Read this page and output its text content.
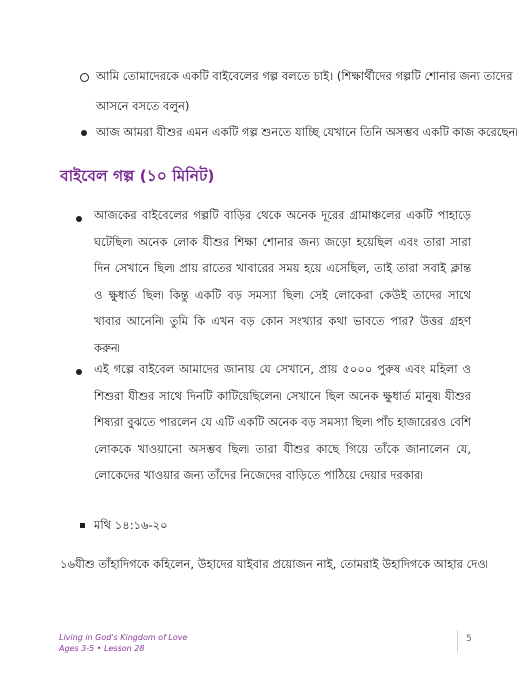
আমি তোমাদেরকে একটি বাইবেলের গল্প বলতে চাই। (শিক্ষার্থীদের গল্পটি শোনার জন্য তাদের
আসনে বসতে বলুন)
আজ আমরা যীশুর এমন একটি গল্প শুনতে যাচ্ছি যেখানে তিনি অসম্ভব একটি কাজ করেছেন৷
বাইবেল গল্প (১০ মিনিট)
আজকের বাইবেলের গল্পটি বাড়ির থেকে অনেক দূরের গ্রামাঞ্চলের একটি পাহাড়ে ঘটেছিল৷ অনেক লোক যীশুর শিক্ষা শোনার জন্য জড়ো হয়েছিল এবং তারা সারা দিন সেখানে ছিল৷ প্রায় রাতের খাবারের সময় হয়ে এসেছিল, তাই তারা সবাই ক্লান্ত ও ক্ষুধার্ত ছিল৷ কিন্তু একটি বড় সমস্যা ছিল৷ সেই লোকেরা কেউই তাদের সাথে খাবার আনেনি৷ তুমি কি এখন বড় কোন সংখ্যার কথা ভাবতে পার? উত্তর গ্রহণ করুন৷
এই গল্পে বাইবেল আমাদের জানায় যে সেখানে, প্রায় ৫০০০ পুরুষ এবং মহিলা ও শিশুরা যীশুর সাথে দিনটি কাটিয়েছিলেন৷ সেখানে ছিল অনেক ক্ষুধার্ত মানুষ৷ যীশুর শিষ্যরা বুঝতে পারলেন যে এটি একটি অনেক বড় সমস্যা ছিল৷ পাঁচ হাজারেরও বেশি লোককে খাওয়ানো অসম্ভব ছিল৷ তারা যীশুর কাছে গিয়ে তাঁকে জানালেন যে, লোকেদের খাওয়ার জন্য তাঁদের নিজেদের বাড়িতে পাঠিয়ে দেয়ার দরকার৷
মথি ১৪:১৬-২০
১৬যীশু তাঁহাদিগকে কহিলেন, উহাদের যাইবার প্রয়োজন নাই, তোমরাই উহাদিগকে আহার দেও৷
Living in God's Kingdom of Love
Ages 3-5 • Lesson 28
5
